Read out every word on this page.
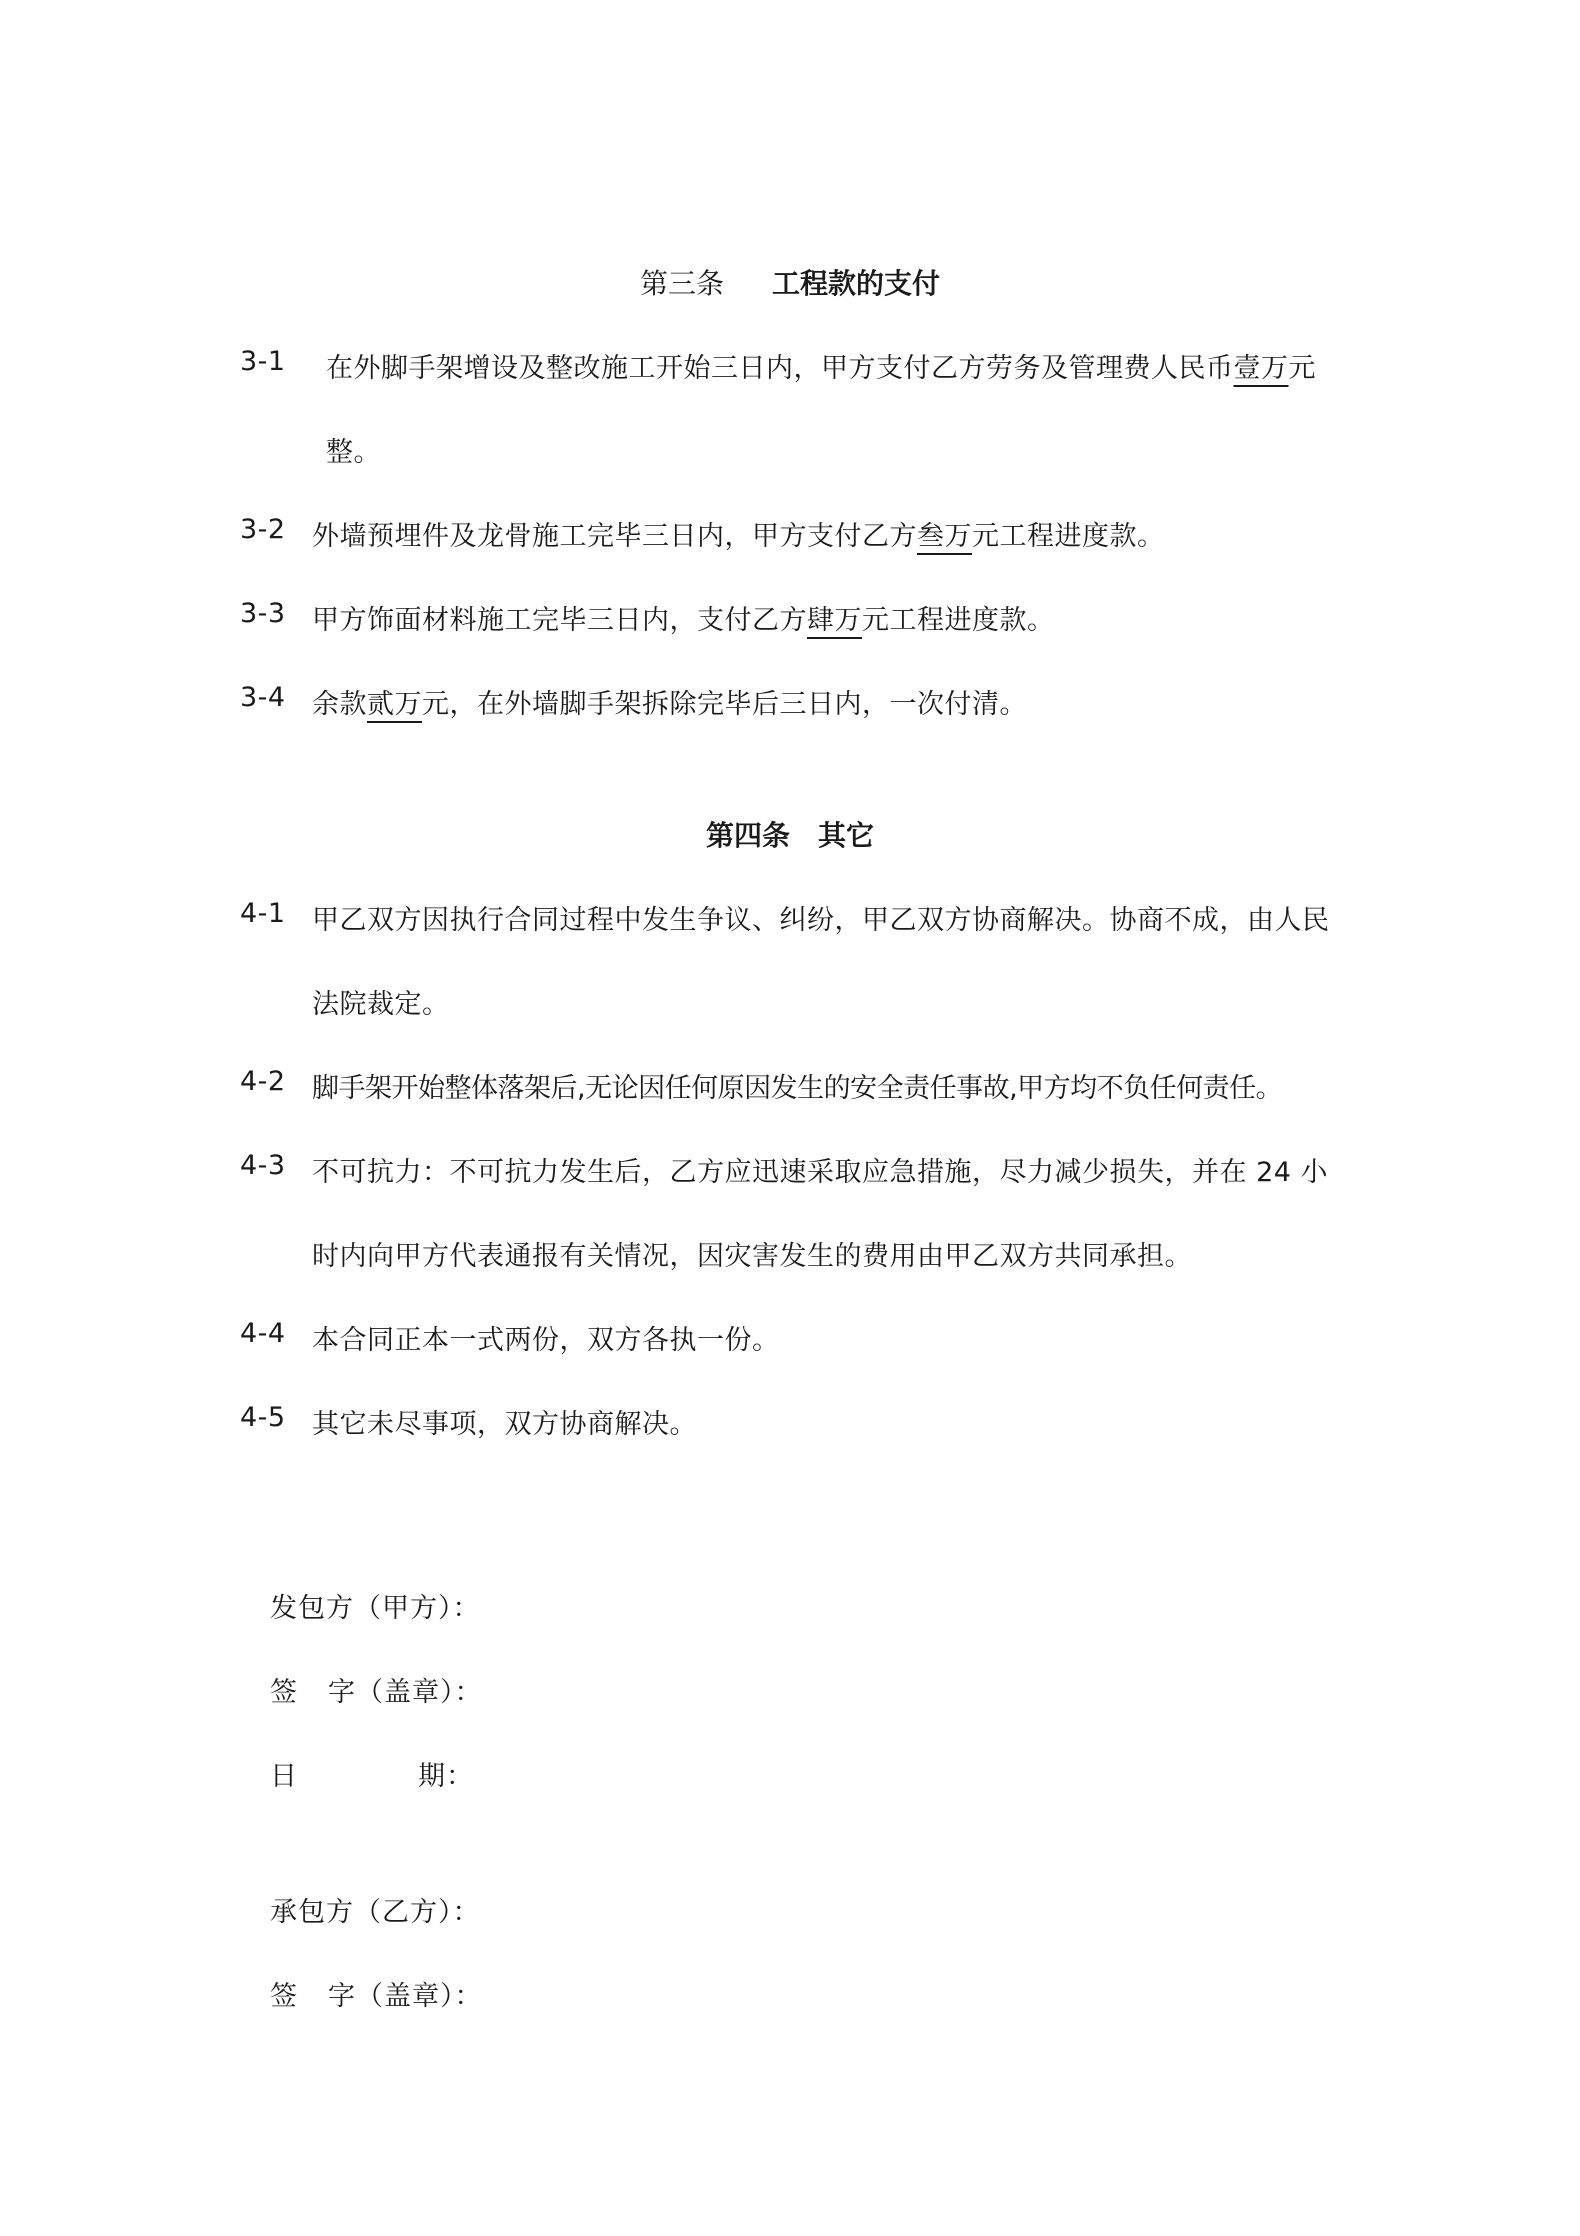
第三条 工程款的支付
3-1 在外脚手架增设及整改施工开始三日内，甲方支付乙方劳务及管理费人民币壹万元
整。
3-2 外墙预埋件及龙骨施工完毕三日内，甲方支付乙方叁万元工程进度款。
3-3 甲方饰面材料施工完毕三日内，支付乙方肆万元工程进度款。
3-4 余款贰万元，在外墙脚手架拆除完毕后三日内，一次付清。
第四条 其它
4-1 甲乙双方因执行合同过程中发生争议、纠纷，甲乙双方协商解决。协商不成，由人民
法院裁定。
4-2 脚手架开始整体落架后,无论因任何原因发生的安全责任事故,甲方均不负任何责任。
4-3 不可抗力：不可抗力发生后，乙方应迅速采取应急措施，尽力减少损失，并在 24 小
时内向甲方代表通报有关情况，因灾害发生的费用由甲乙双方共同承担。
4-4 本合同正本一式两份，双方各执一份。
4-5 其它未尽事项，双方协商解决。
发包方（甲方）：
签 字（盖章）：
日	期：
承包方（乙方）：
签 字（盖章）：
